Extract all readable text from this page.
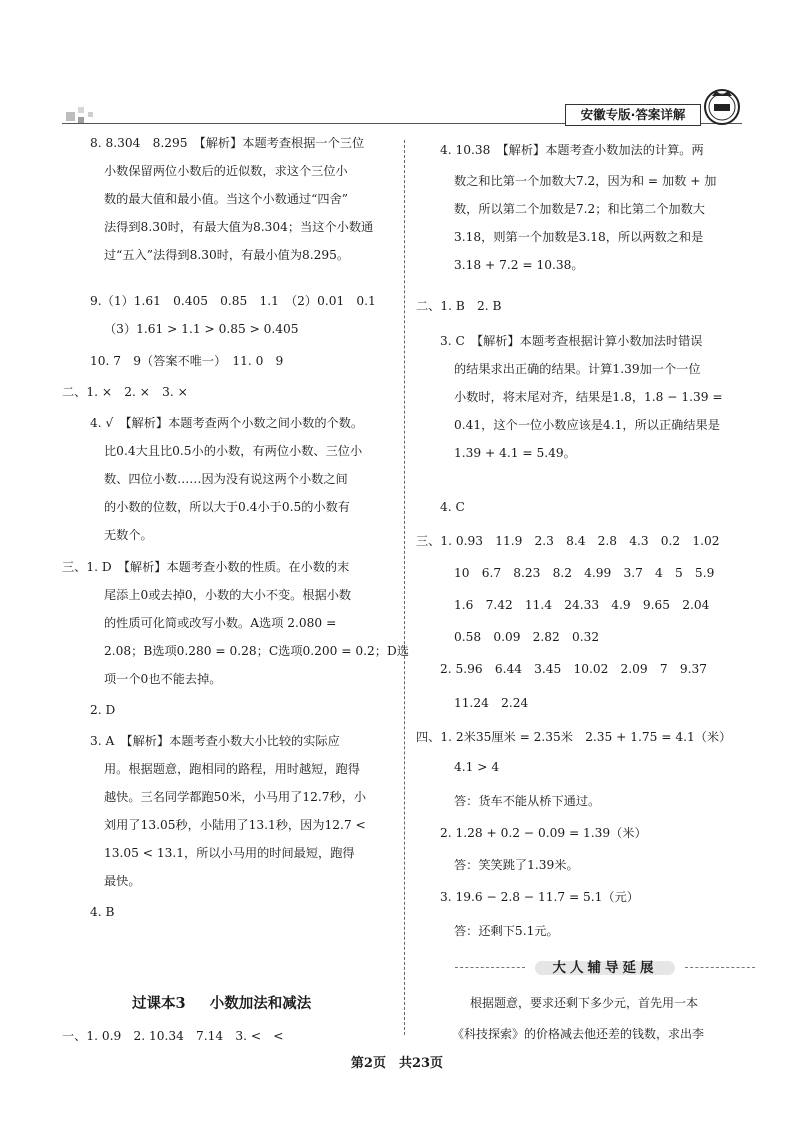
安徽专版·答案详解
8. 8.304　8.295　【解析】本题考查根据一个三位
小数保留两位小数后的近似数，求这个三位小
数的最大值和最小值。当这个小数通过“四舍”
法得到8.30时，有最大值为8.304；当这个小数通
过“五入”法得到8.30时，有最小值为8.295。
9.（1）1.61　0.405　0.85　1.1　（2）0.01　0.1
（3）1.61 > 1.1 > 0.85 > 0.405
10. 7　9（答案不唯一）　11. 0　9
二、1. ×　2. ×　3. ×
4. √　【解析】本题考查两个小数之间小数的个数。
比0.4大且比0.5小的小数，有两位小数、三位小
数、四位小数……因为没有说这两个小数之间
的小数的位数，所以大于0.4小于0.5的小数有
无数个。
三、1. D　【解析】本题考查小数的性质。在小数的末
尾添上0或去掉0，小数的大小不变。根据小数
的性质可化简或改写小数。A选项 2.080 =
2.08；B选项0.280 = 0.28；C选项0.200 = 0.2；D选
项一个0也不能去掉。
2. D
3. A　【解析】本题考查小数大小比较的实际应
用。根据题意，跑相同的路程，用时越短，跑得
越快。三名同学都跑50米，小马用了12.7秒，小
刘用了13.05秒，小陆用了13.1秒，因为12.7 <
13.05 < 13.1，所以小马用的时间最短，跑得
最快。
4. B
一、1. 0.9　2. 10.34　7.14　3. <　<
过课本3 小数加法和减法
4. 10.38　【解析】本题考查小数加法的计算。两
数之和比第一个加数大7.2，因为和 = 加数 + 加
数，所以第二个加数是7.2；和比第二个加数大
3.18，则第一个加数是3.18，所以两数之和是
3.18 + 7.2 = 10.38。
二、1. B　2. B
3. C　【解析】本题考查根据计算小数加法时错误
的结果求出正确的结果。计算1.39加一个一位
小数时，将末尾对齐，结果是1.8，1.8 − 1.39 =
0.41，这个一位小数应该是4.1，所以正确结果是
1.39 + 4.1 = 5.49。
4. C
三、1. 0.93　11.9　2.3　8.4　2.8　4.3　0.2　1.02
10　6.7　8.23　8.2　4.99　3.7　4　5　5.9
1.6　7.42　11.4　24.33　4.9　9.65　2.04
0.58　0.09　2.82　0.32
2. 5.96　6.44　3.45　10.02　2.09　7　9.37
11.24　2.24
四、1. 2米35厘米 = 2.35米　2.35 + 1.75 = 4.1（米）
4.1 > 4
答：货车不能从桥下通过。
2. 1.28 + 0.2 − 0.09 = 1.39（米）
答：笑笑跳了1.39米。
3. 19.6 − 2.8 − 11.7 = 5.1（元）
答：还剩下5.1元。
大人辅导延展
根据题意，要求还剩下多少元，首先用一本
《科技探索》的价格减去他还差的钱数，求出李
第2页　共23页
